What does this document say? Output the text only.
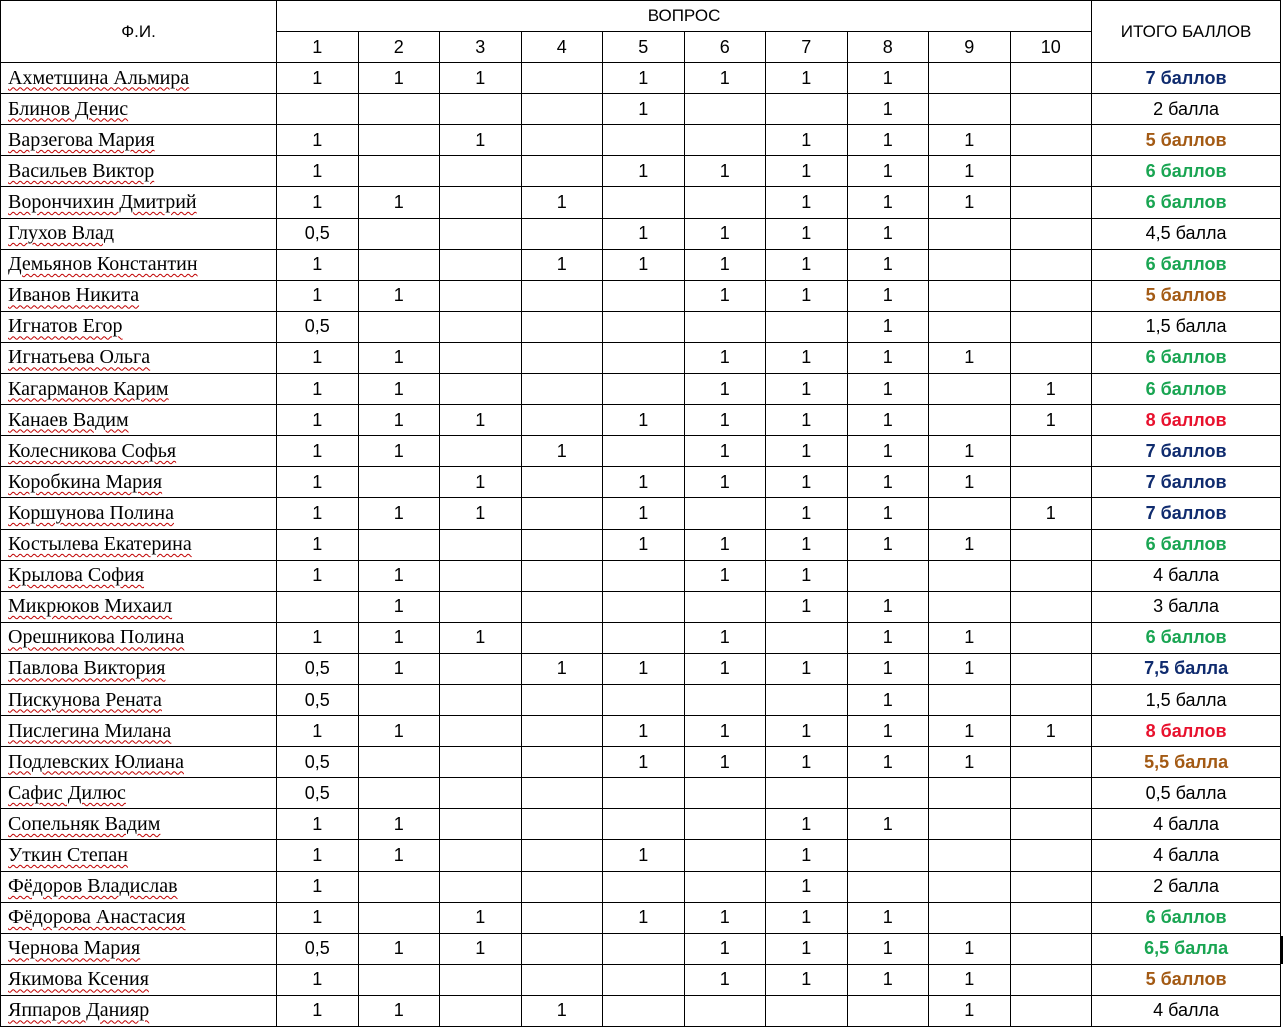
Ф.И.	ВОПРОС										ИТОГО БАЛЛОВ
	1	2	3	4	5	6	7	8	9	10	
Ахметшина Альмира	1	1	1		1	1	1	1			7 баллов
Блинов Денис					1			1			2 балла
Варзегова Мария	1		1				1	1	1		5 баллов
Васильев Виктор	1				1	1	1	1	1		6 баллов
Ворончихин Дмитрий	1	1		1			1	1	1		6 баллов
Глухов Влад	0,5				1	1	1	1			4,5 балла
Демьянов Константин	1			1	1	1	1	1			6 баллов
Иванов Никита	1	1				1	1	1			5 баллов
Игнатов Егор	0,5							1			1,5 балла
Игнатьева Ольга	1	1				1	1	1	1		6 баллов
Кагарманов Карим	1	1				1	1	1		1	6 баллов
Канаев Вадим	1	1	1		1	1	1	1		1	8 баллов
Колесникова Софья	1	1		1		1	1	1	1		7 баллов
Коробкина Мария	1		1		1	1	1	1	1		7 баллов
Коршунова Полина	1	1	1		1		1	1		1	7 баллов
Костылева Екатерина	1				1	1	1	1	1		6 баллов
Крылова София	1	1				1	1				4 балла
Микрюков Михаил		1					1	1			3 балла
Орешникова Полина	1	1	1			1		1	1		6 баллов
Павлова Виктория	0,5	1		1	1	1	1	1	1		7,5 балла
Пискунова Рената	0,5							1			1,5 балла
Пислегина Милана	1	1			1	1	1	1	1	1	8 баллов
Подлевских Юлиана	0,5				1	1	1	1	1		5,5 балла
Сафис Дилюс	0,5										0,5 балла
Сопельняк Вадим	1	1					1	1			4 балла
Уткин Степан	1	1			1		1				4 балла
Фёдоров Владислав	1						1				2 балла
Фёдорова Анастасия	1		1		1	1	1	1			6 баллов
Чернова Мария	0,5	1	1			1	1	1	1		6,5 балла
Якимова Ксения	1					1	1	1	1		5 баллов
Яппаров Данияр	1	1		1					1		4 балла
